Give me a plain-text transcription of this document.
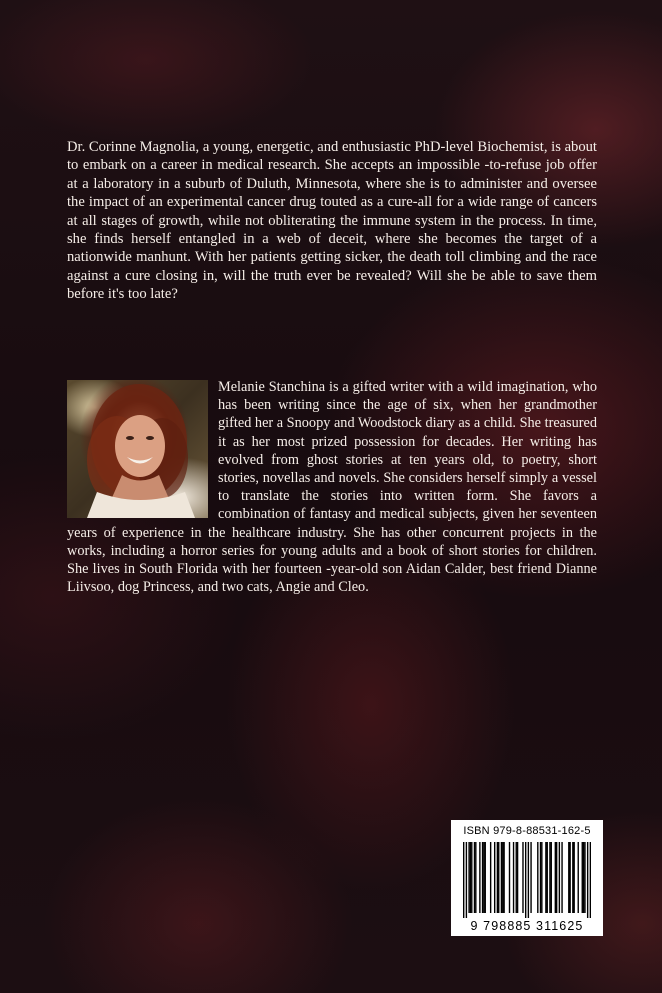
Dr. Corinne Magnolia, a young, energetic, and enthusiastic PhD-level Biochemist, is about to embark on a career in medical research. She accepts an impossible -to-refuse job offer at a laboratory in a suburb of Duluth, Minnesota, where she is to administer and oversee the impact of an experimental cancer drug touted as a cure-all for a wide range of cancers at all stages of growth, while not obliterating the immune system in the process. In time, she finds herself entangled in a web of deceit, where she becomes the target of a nationwide manhunt. With her patients getting sicker, the death toll climbing and the race against a cure closing in, will the truth ever be revealed? Will she be able to save them before it's too late?

Melanie Stanchina is a gifted writer with a wild imagination, who has been writing since the age of six, when her grandmother gifted her a Snoopy and Woodstock diary as a child. She treasured it as her most prized possession for decades. Her writing has evolved from ghost stories at ten years old, to poetry, short stories, novellas and novels. She considers herself simply a vessel to translate the stories into written form. She favors a combination of fantasy and medical subjects, given her seventeen years of experience in the healthcare industry. She has other concurrent projects in the works, including a horror series for young adults and a book of short stories for children. She lives in South Florida with her fourteen -year-old son Aidan Calder, best friend Dianne Liivsoo, dog Princess, and two cats, Angie and Cleo.

ISBN 979-8-88531-162-5
9 798885 311625
